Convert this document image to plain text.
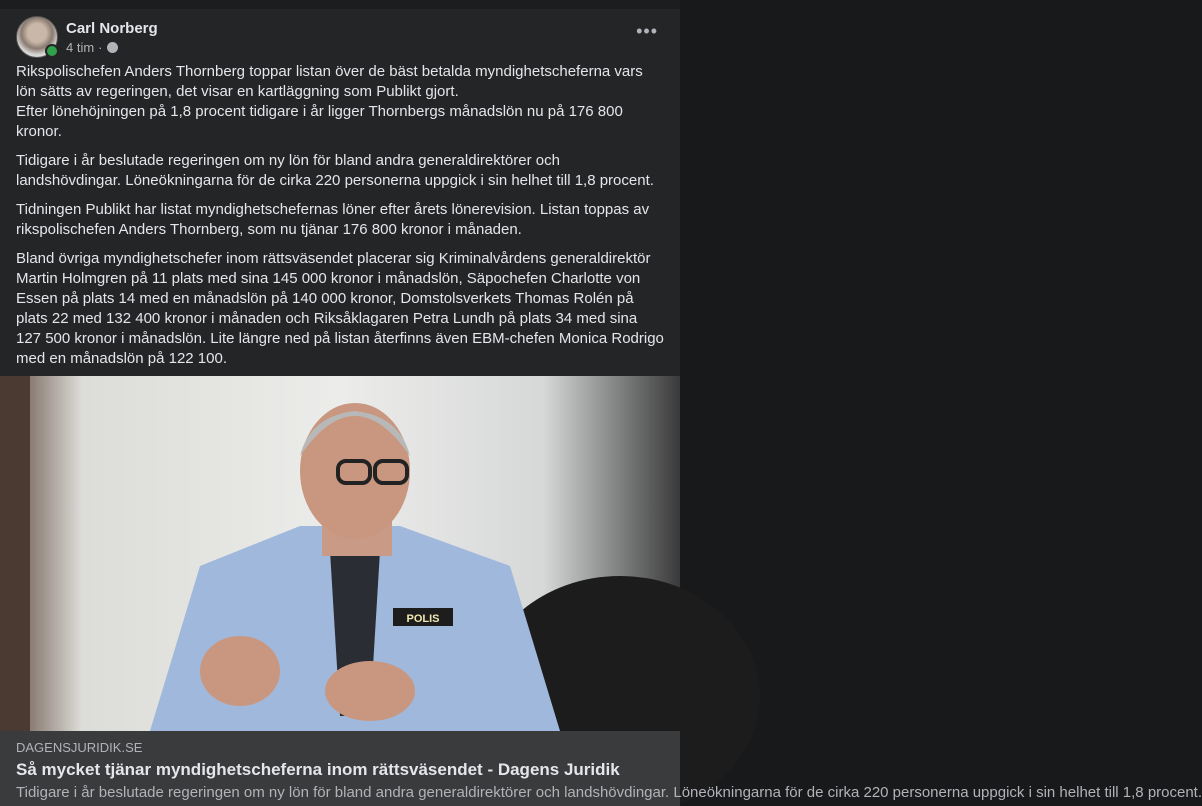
Carl Norberg
4 tim ·
•••

Rikspolischefen Anders Thornberg toppar listan över de bäst betalda myndighetscheferna vars lön sätts av regeringen, det visar en kartläggning som Publikt gjort.
Efter lönehöjningen på 1,8 procent tidigare i år ligger Thornbergs månadslön nu på 176 800 kronor.

Tidigare i år beslutade regeringen om ny lön för bland andra generaldirektörer och landshövdingar. Löneökningarna för de cirka 220 personerna uppgick i sin helhet till 1,8 procent.

Tidningen Publikt har listat myndighetschefernas löner efter årets lönerevision. Listan toppas av rikspolischefen Anders Thornberg, som nu tjänar 176 800 kronor i månaden.

Bland övriga myndighetschefer inom rättsväsendet placerar sig Kriminalvårdens generaldirektör Martin Holmgren på 11 plats med sina 145 000 kronor i månadslön, Säpochefen Charlotte von Essen på plats 14 med en månadslön på 140 000 kronor, Domstolsverkets Thomas Rolén på plats 22 med 132 400 kronor i månaden och Riksåklagaren Petra Lundh på plats 34 med sina 127 500 kronor i månadslön. Lite längre ned på listan återfinns även EBM-chefen Monica Rodrigo med en månadslön på 122 100.

POLIS
DAGENSJURIDIK.SE
Så mycket tjänar myndighetscheferna inom rättsväsendet - Dagens Juridik
Tidigare i år beslutade regeringen om ny lön för bland andra generaldirektörer och landshövdingar. Löneökningarna för de cirka 220 personerna uppgick i sin helhet till 1,8 procent.
